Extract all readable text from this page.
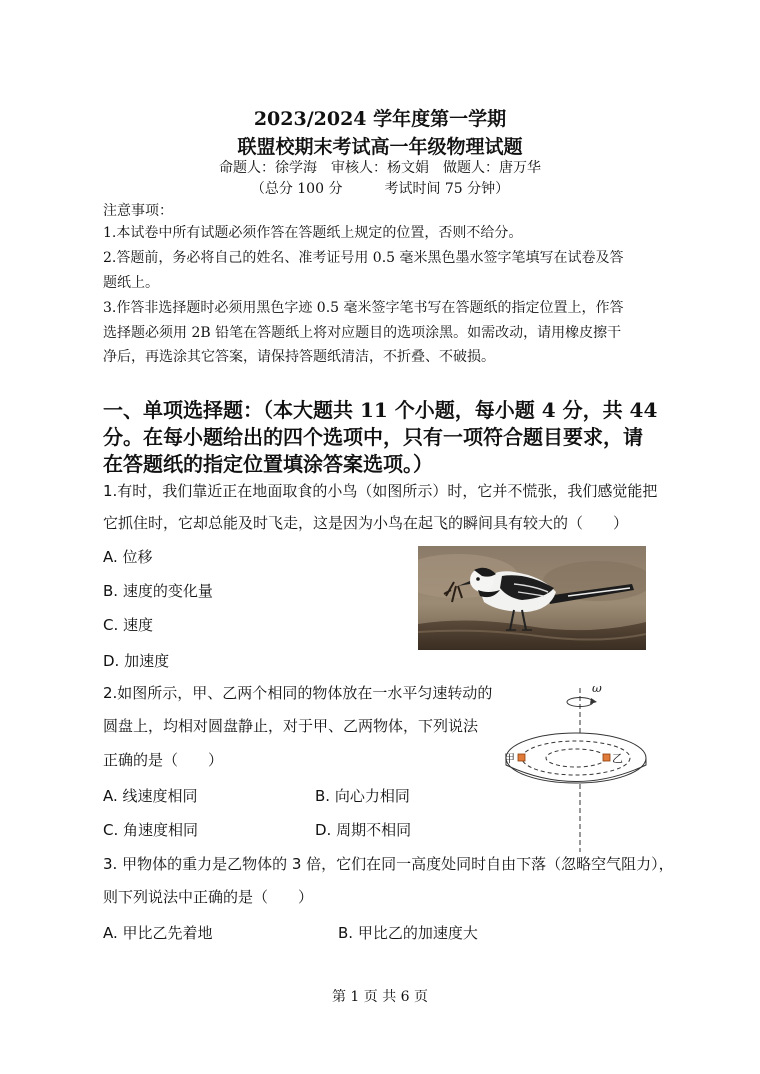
2023/2024 学年度第一学期
联盟校期末考试高一年级物理试题
命题人：徐学海　审核人：杨文娟　做题人：唐万华
（总分 100 分　　　考试时间 75 分钟）
注意事项：
1.本试卷中所有试题必须作答在答题纸上规定的位置，否则不给分。
2.答题前，务必将自己的姓名、准考证号用 0.5 毫米黑色墨水签字笔填写在试卷及答
题纸上。
3.作答非选择题时必须用黑色字迹 0.5 毫米签字笔书写在答题纸的指定位置上，作答
选择题必须用 2B 铅笔在答题纸上将对应题目的选项涂黑。如需改动，请用橡皮擦干
净后，再选涂其它答案，请保持答题纸清洁，不折叠、不破损。
一、单项选择题：（本大题共 11 个小题，每小题 4 分，共 44
分。在每小题给出的四个选项中，只有一项符合题目要求，请
在答题纸的指定位置填涂答案选项。）
1.有时，我们靠近正在地面取食的小鸟（如图所示）时，它并不慌张，我们感觉能把
它抓住时，它却总能及时飞走，这是因为小鸟在起飞的瞬间具有较大的（　　）
A. 位移
B. 速度的变化量
C. 速度
D. 加速度
2.如图所示，甲、乙两个相同的物体放在一水平匀速转动的
圆盘上，均相对圆盘静止，对于甲、乙两物体，下列说法
正确的是（　　）
A. 线速度相同	B. 向心力相同
C. 角速度相同	D. 周期不相同
ω
甲	乙
3. 甲物体的重力是乙物体的 3 倍，它们在同一高度处同时自由下落（忽略空气阻力），
则下列说法中正确的是（　　）
A. 甲比乙先着地	B. 甲比乙的加速度大
第 1 页 共 6 页
